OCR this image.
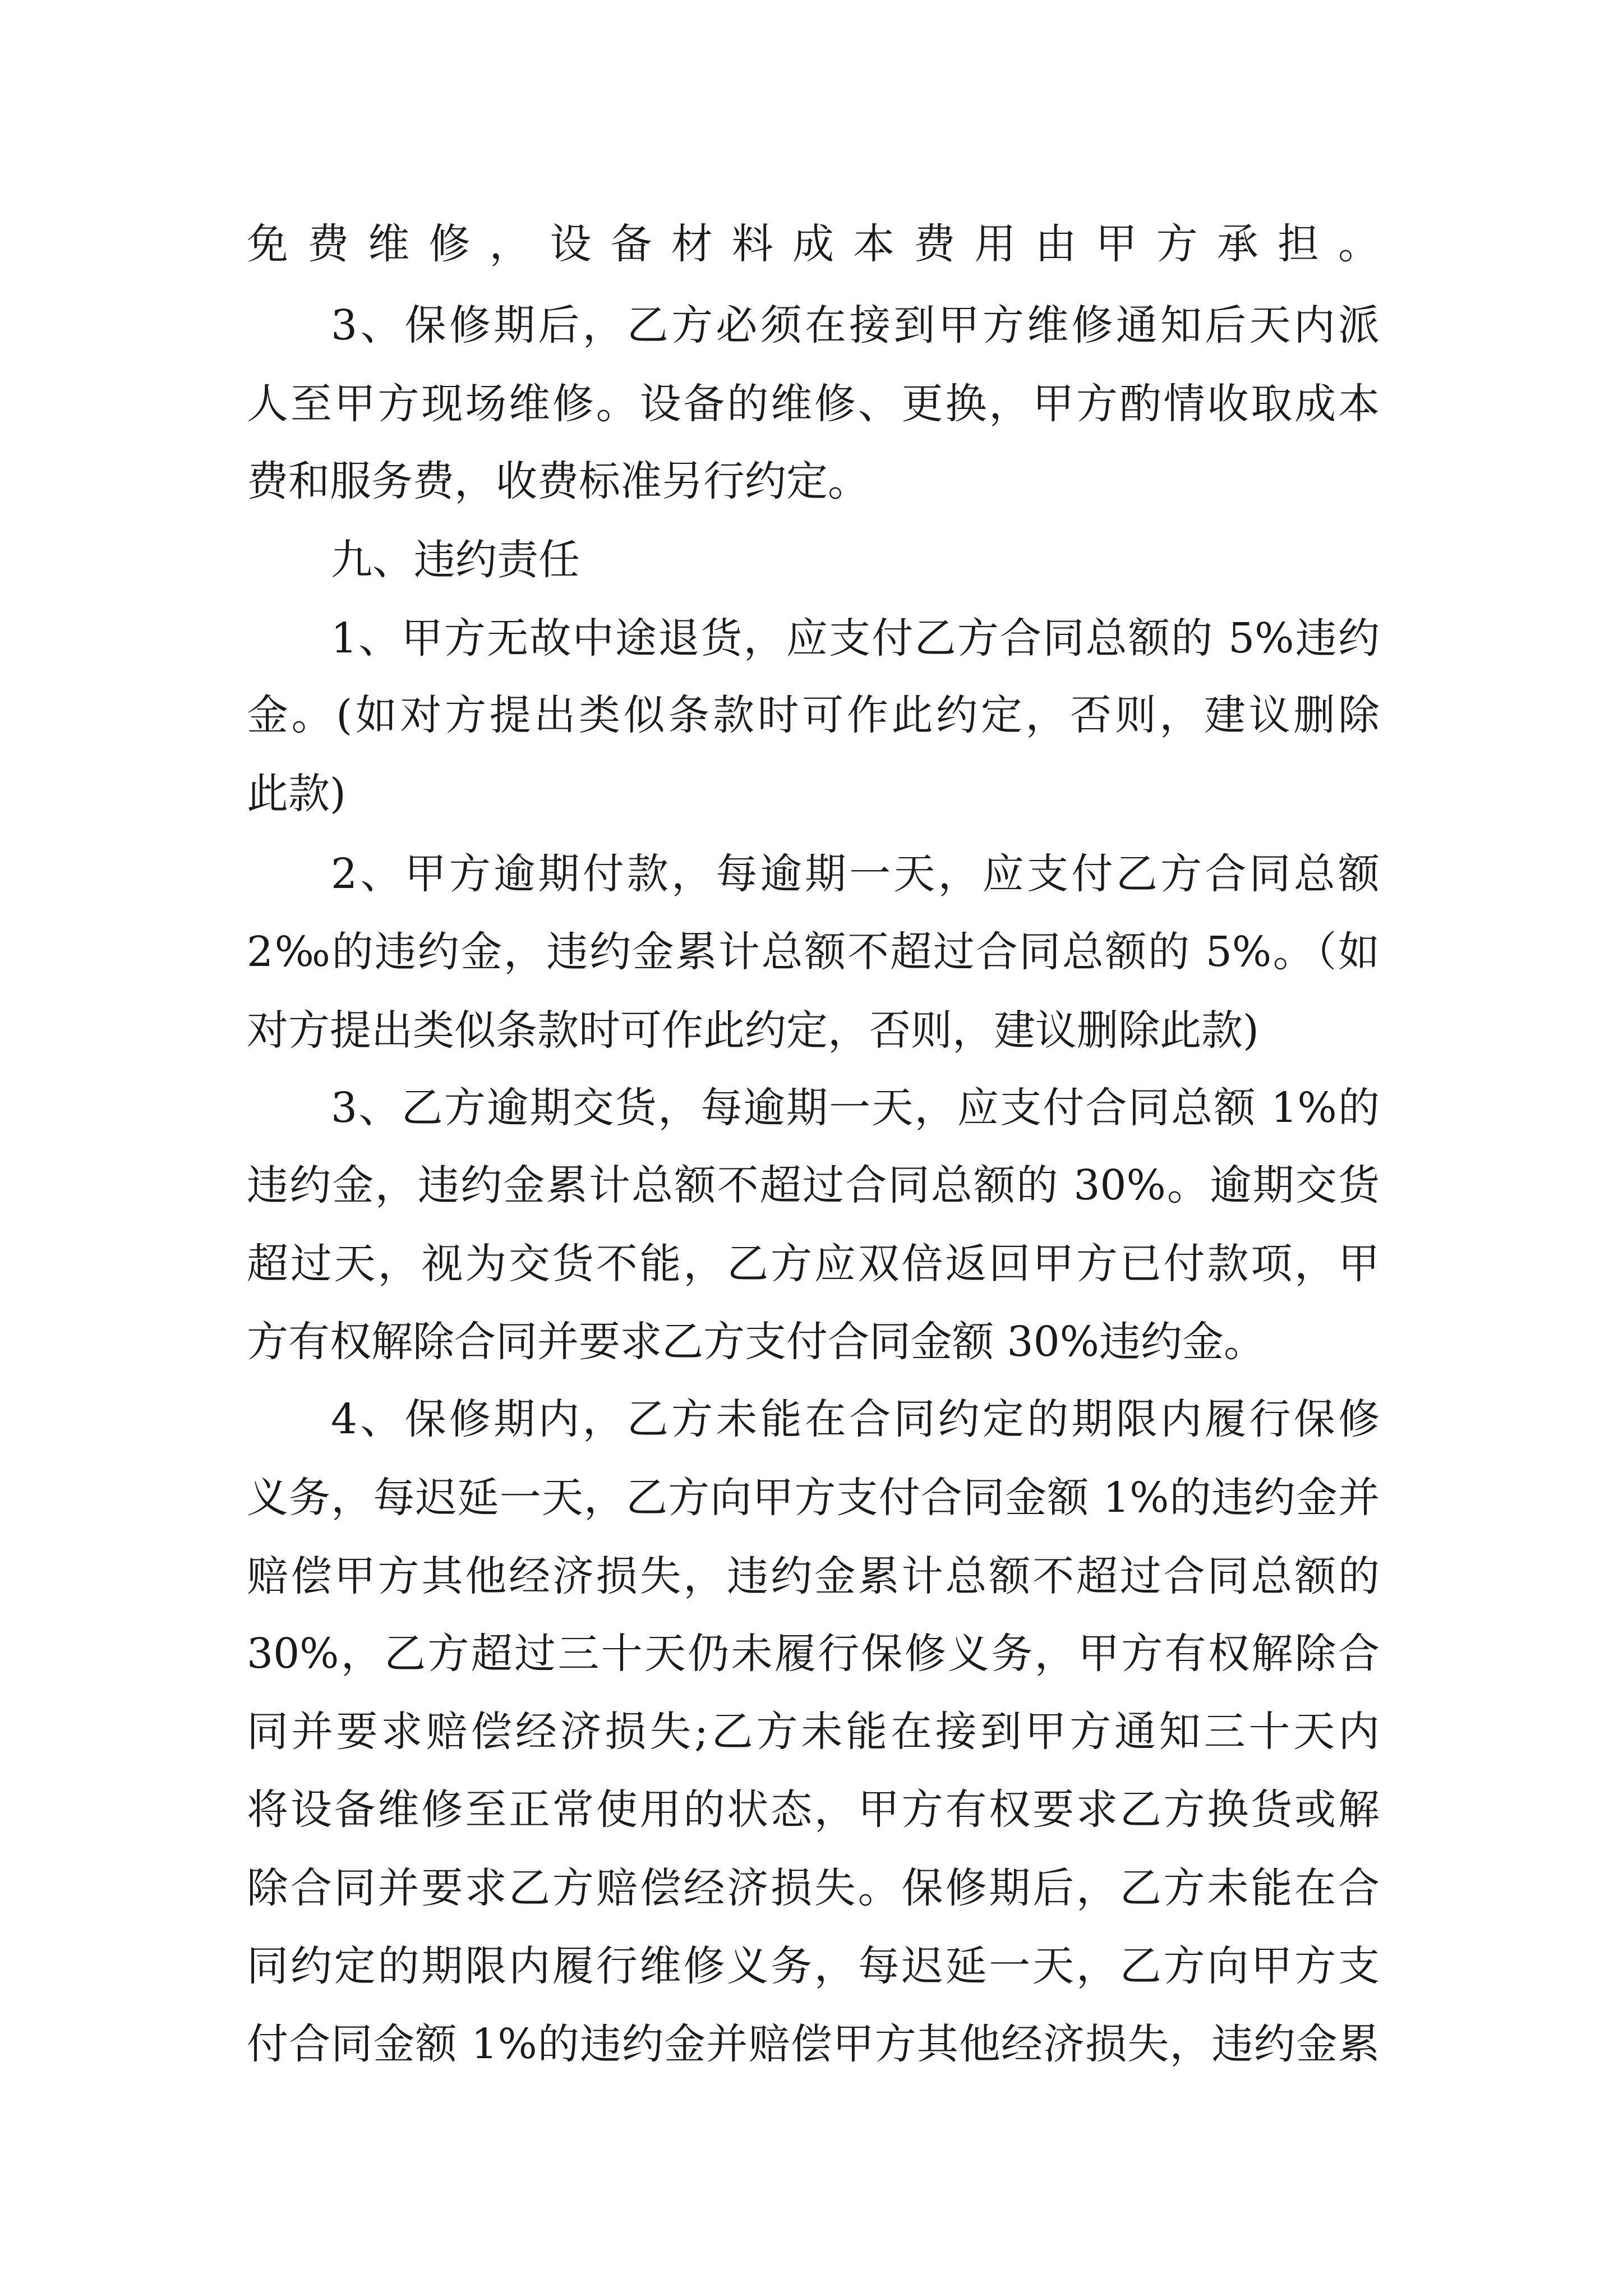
免费维修，设备材料成本费用由甲方承担。
3、保修期后，乙方必须在接到甲方维修通知后天内派
人至甲方现场维修。设备的维修、更换，甲方酌情收取成本
费和服务费，收费标准另行约定。
九、违约责任
1、甲方无故中途退货，应支付乙方合同总额的 5%违约
金。(如对方提出类似条款时可作此约定，否则，建议删除
此款)
2、甲方逾期付款，每逾期一天，应支付乙方合同总额
2‰的违约金，违约金累计总额不超过合同总额的 5%。（如
对方提出类似条款时可作此约定，否则，建议删除此款)
3、乙方逾期交货，每逾期一天，应支付合同总额 1%的
违约金，违约金累计总额不超过合同总额的 30%。逾期交货
超过天，视为交货不能，乙方应双倍返回甲方已付款项，甲
方有权解除合同并要求乙方支付合同金额 30%违约金。
4、保修期内，乙方未能在合同约定的期限内履行保修
义务，每迟延一天，乙方向甲方支付合同金额 1%的违约金并
赔偿甲方其他经济损失，违约金累计总额不超过合同总额的
30%，乙方超过三十天仍未履行保修义务，甲方有权解除合
同并要求赔偿经济损失;乙方未能在接到甲方通知三十天内
将设备维修至正常使用的状态，甲方有权要求乙方换货或解
除合同并要求乙方赔偿经济损失。保修期后，乙方未能在合
同约定的期限内履行维修义务，每迟延一天，乙方向甲方支
付合同金额 1%的违约金并赔偿甲方其他经济损失，违约金累
